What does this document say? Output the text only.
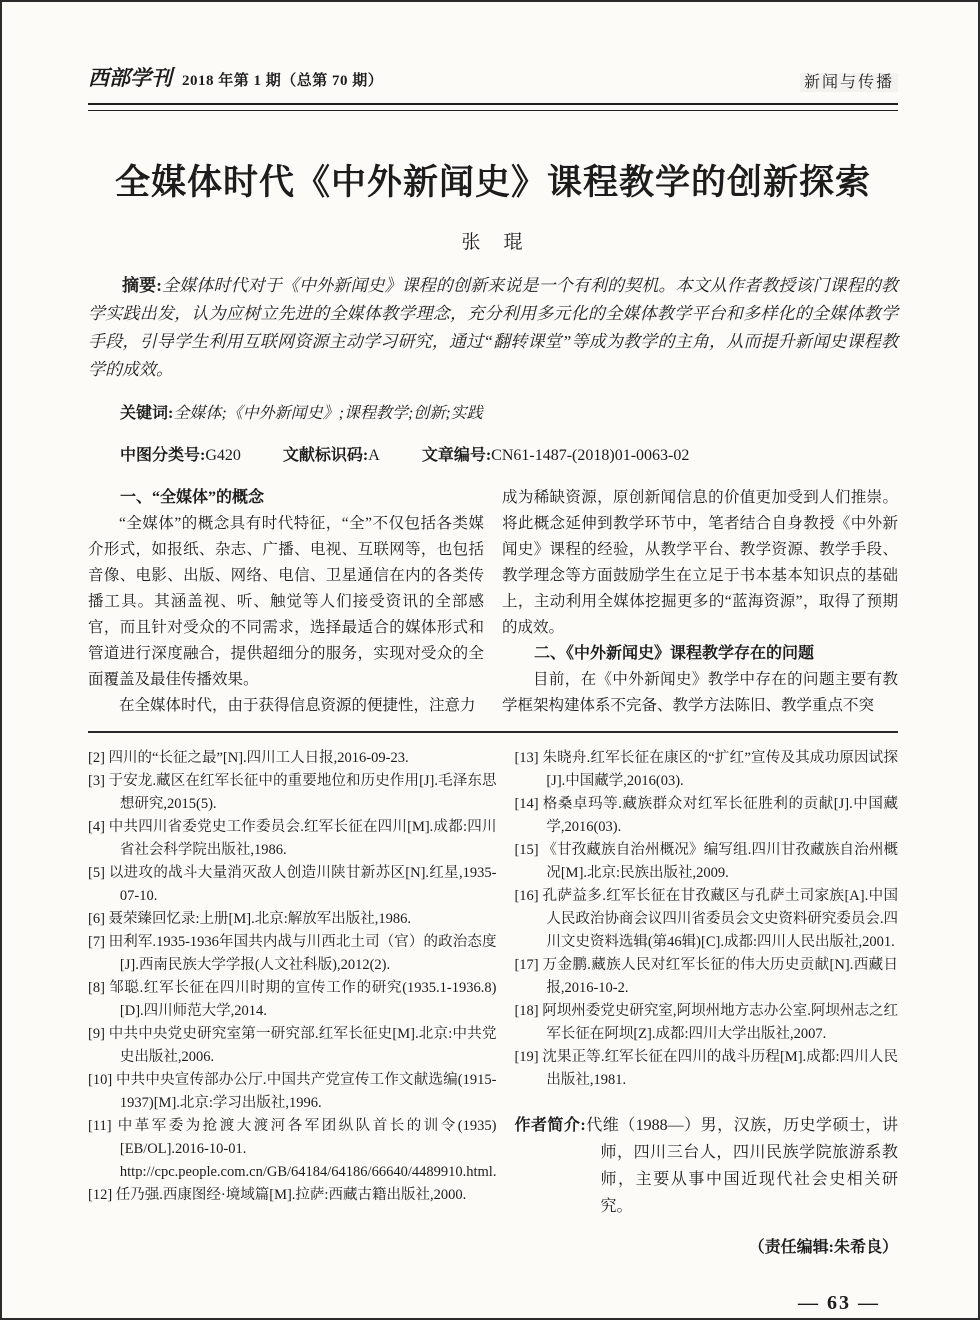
西部学刊 2018 年第 1 期（总第 70 期）	新闻与传播
全媒体时代《中外新闻史》课程教学的创新探索
张　琨

摘要:全媒体时代对于《中外新闻史》课程的创新来说是一个有利的契机。本文从作者教授该门课程的教学实践出发，认为应树立先进的全媒体教学理念，充分利用多元化的全媒体教学平台和多样化的全媒体教学手段，引导学生利用互联网资源主动学习研究，通过“翻转课堂”等成为教学的主角，从而提升新闻史课程教学的成效。

关键词:全媒体;《中外新闻史》;课程教学;创新;实践

中图分类号:G420	文献标识码:A	文章编号:CN61-1487-(2018)01-0063-02

一、“全媒体”的概念

“全媒体”的概念具有时代特征，“全”不仅包括各类媒介形式，如报纸、杂志、广播、电视、互联网等，也包括音像、电影、出版、网络、电信、卫星通信在内的各类传播工具。其涵盖视、听、触觉等人们接受资讯的全部感官，而且针对受众的不同需求，选择最适合的媒体形式和管道进行深度融合，提供超细分的服务，实现对受众的全面覆盖及最佳传播效果。

在全媒体时代，由于获得信息资源的便捷性，注意力

成为稀缺资源，原创新闻信息的价值更加受到人们推崇。将此概念延伸到教学环节中，笔者结合自身教授《中外新闻史》课程的经验，从教学平台、教学资源、教学手段、教学理念等方面鼓励学生在立足于书本基本知识点的基础上，主动利用全媒体挖掘更多的“蓝海资源”，取得了预期的成效。

二、《中外新闻史》课程教学存在的问题

目前，在《中外新闻史》教学中存在的问题主要有教学框架构建体系不完备、教学方法陈旧、教学重点不突

[2] 四川的“长征之最”[N].四川工人日报,2016-09-23.

[3] 于安龙.藏区在红军长征中的重要地位和历史作用[J].毛泽东思想研究,2015(5).

[4] 中共四川省委党史工作委员会.红军长征在四川[M].成都:四川省社会科学院出版社,1986.

[5] 以进攻的战斗大量消灭敌人创造川陕甘新苏区[N].红星,1935-07-10.

[6] 聂荣臻回忆录:上册[M].北京:解放军出版社,1986.

[7] 田利军.1935-1936年国共内战与川西北土司（官）的政治态度[J].西南民族大学学报(人文社科版),2012(2).

[8] 邹聪.红军长征在四川时期的宣传工作的研究(1935.1-1936.8)[D].四川师范大学,2014.

[9] 中共中央党史研究室第一研究部.红军长征史[M].北京:中共党史出版社,2006.

[10] 中共中央宣传部办公厅.中国共产党宣传工作文献选编(1915-1937)[M].北京:学习出版社,1996.

[11] 中革军委为抢渡大渡河各军团纵队首长的训令(1935)[EB/OL].2016-10-01. http://cpc.people.com.cn/GB/64184/64186/66640/4489910.html.

[12] 任乃强.西康图经·境域篇[M].拉萨:西藏古籍出版社,2000.

[13] 朱晓舟.红军长征在康区的“扩红”宣传及其成功原因试探[J].中国藏学,2016(03).

[14] 格桑卓玛等.藏族群众对红军长征胜利的贡献[J].中国藏学,2016(03).

[15] 《甘孜藏族自治州概况》编写组.四川甘孜藏族自治州概况[M].北京:民族出版社,2009.

[16] 孔萨益多.红军长征在甘孜藏区与孔萨土司家族[A].中国人民政治协商会议四川省委员会文史资料研究委员会.四川文史资料选辑(第46辑)[C].成都:四川人民出版社,2001.

[17] 万金鹏.藏族人民对红军长征的伟大历史贡献[N].西藏日报,2016-10-2.

[18] 阿坝州委党史研究室,阿坝州地方志办公室.阿坝州志之红军长征在阿坝[Z].成都:四川大学出版社,2007.

[19] 沈果正等.红军长征在四川的战斗历程[M].成都:四川人民出版社,1981.

作者简介:代维（1988—）男，汉族，历史学硕士，讲师，四川三台人，四川民族学院旅游系教师，主要从事中国近现代社会史相关研究。

（责任编辑:朱希良）

— 63 —
